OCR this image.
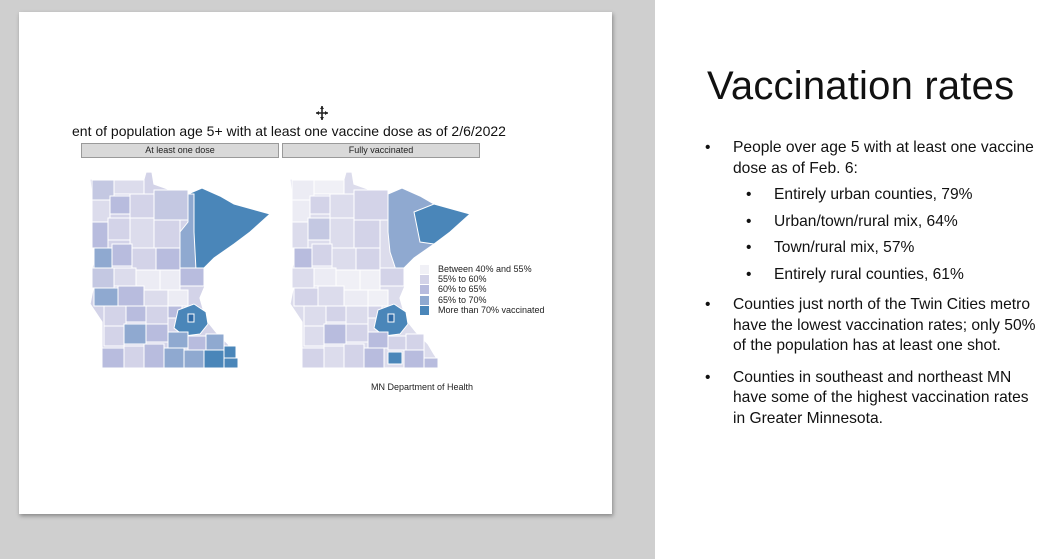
ent of population age 5+ with at least one vaccine dose as of 2/6/2022
At least one dose	Fully vaccinated
Between 40% and 55%
55% to 60%
60% to 65%
65% to 70%
More than 70% vaccinated
MN Department of Health
Vaccination rates
• People over age 5 with at least one vaccine dose as of Feb. 6:
• Entirely urban counties, 79%
• Urban/town/rural mix, 64%
• Town/rural mix, 57%
• Entirely rural counties, 61%
• Counties just north of the Twin Cities metro have the lowest vaccination rates; only 50% of the population has at least one shot.
• Counties in southeast and northeast MN have some of the highest vaccination rates in Greater Minnesota.
